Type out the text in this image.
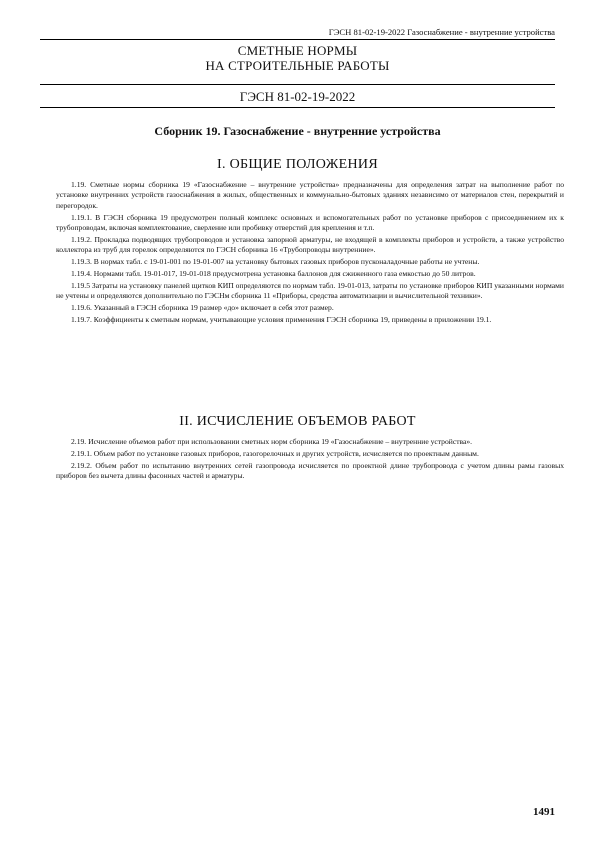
ГЭСН 81-02-19-2022 Газоснабжение - внутренние устройства
СМЕТНЫЕ НОРМЫ
НА СТРОИТЕЛЬНЫЕ РАБОТЫ
ГЭСН 81-02-19-2022
Сборник 19. Газоснабжение - внутренние устройства
I. ОБЩИЕ ПОЛОЖЕНИЯ

1.19. Сметные нормы сборника 19 «Газоснабжение – внутренние устройства» предназначены для определения затрат на выполнение работ по установке внутренних устройств газоснабжения в жилых, общественных и коммунально-бытовых зданиях независимо от материалов стен, перекрытий и перегородок.

1.19.1. В ГЭСН сборника 19 предусмотрен полный комплекс основных и вспомогательных работ по установке приборов с присоединением их к трубопроводам, включая комплектование, сверление или пробивку отверстий для крепления и т.п.

1.19.2. Прокладка подводящих трубопроводов и установка запорной арматуры, не входящей в комплекты приборов и устройств, а также устройство коллектора из труб для горелок определяются по ГЭСН сборника 16 «Трубопроводы внутренние».

1.19.3. В нормах табл. с 19-01-001 по 19-01-007 на установку бытовых газовых приборов пусконаладочные работы не учтены.

1.19.4. Нормами табл. 19-01-017, 19-01-018 предусмотрена установка баллонов для сжиженного газа емкостью до 50 литров.

1.19.5 Затраты на установку панелей щитков КИП определяются по нормам табл. 19-01-013, затраты по установке приборов КИП указанными нормами не учтены и определяются дополнительно по ГЭСНм сборника 11 «Приборы, средства автоматизации и вычислительной техники».

1.19.6. Указанный в ГЭСН сборника 19 размер «до» включает в себя этот размер.

1.19.7. Коэффициенты к сметным нормам, учитывающие условия применения ГЭСН сборника 19, приведены в приложении 19.1.

II. ИСЧИСЛЕНИЕ ОБЪЕМОВ РАБОТ

2.19. Исчисление объемов работ при использовании сметных норм сборника 19 «Газоснабжение – внутренние устройства».

2.19.1. Объем работ по установке газовых приборов, газогорелочных и других устройств, исчисляется по проектным данным.

2.19.2. Объем работ по испытанию внутренних сетей газопровода исчисляется по проектной длине трубопровода с учетом длины рамы газовых приборов без вычета длины фасонных частей и арматуры.

1491
